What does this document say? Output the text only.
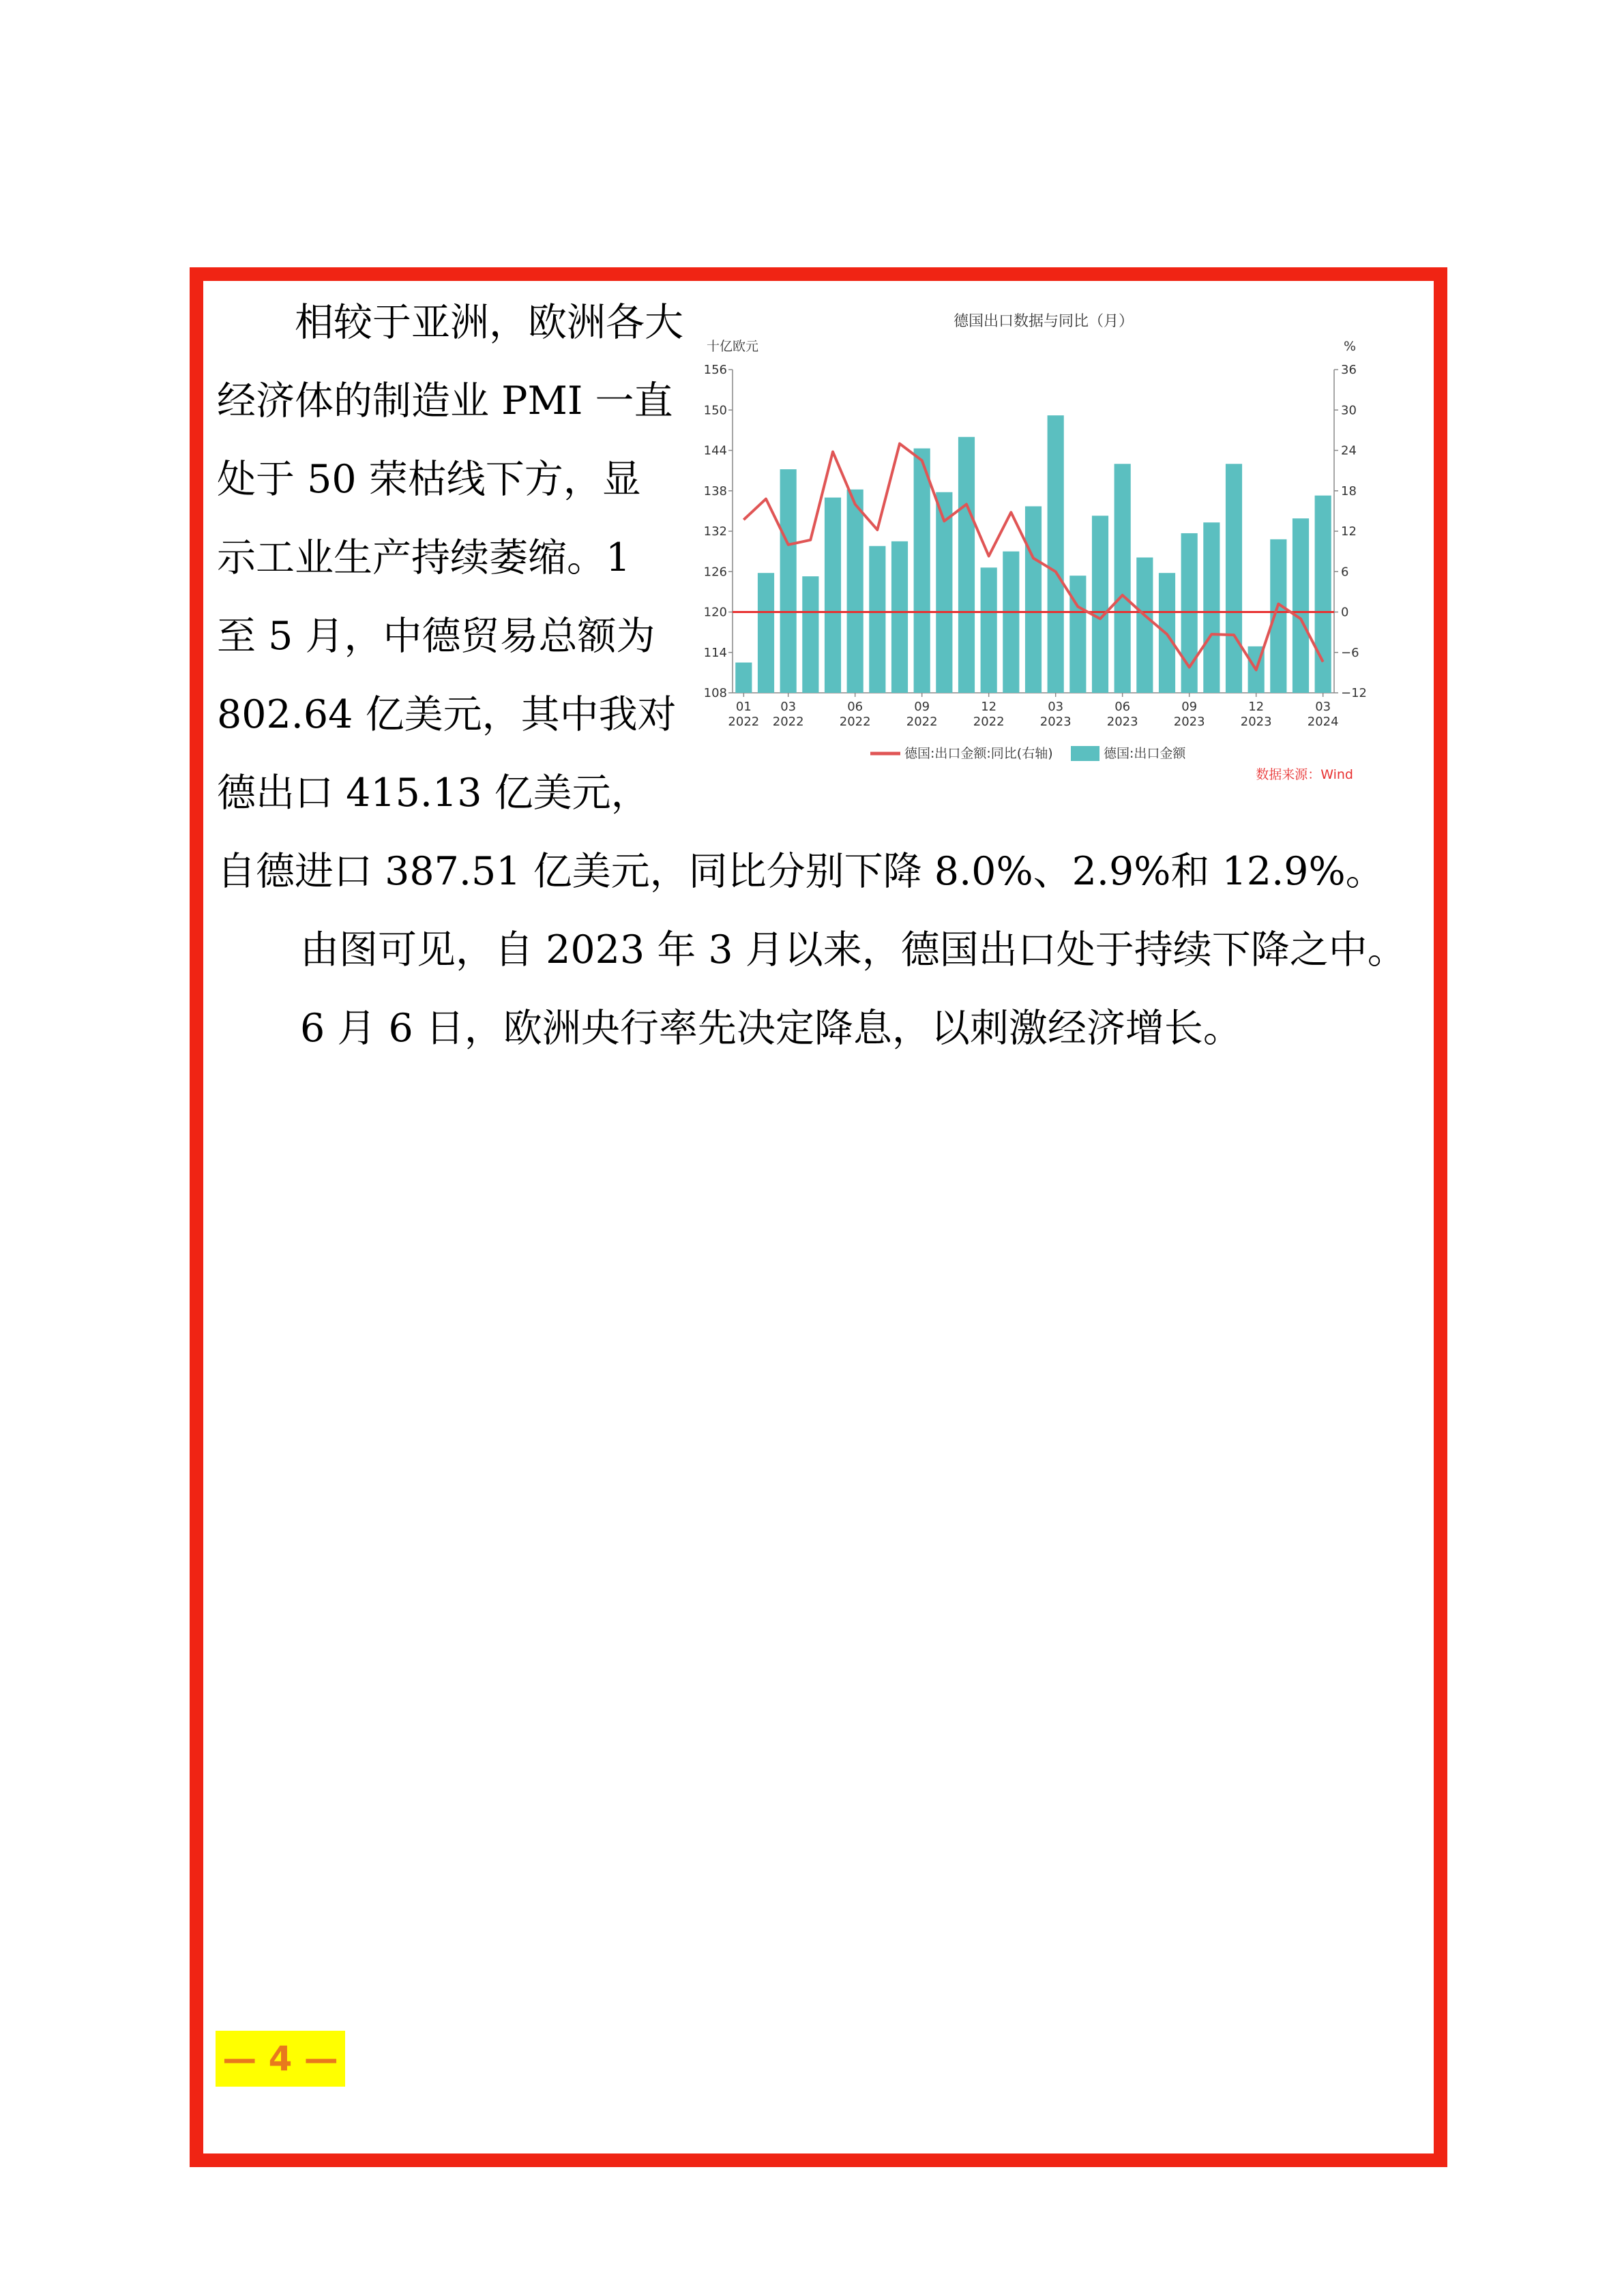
　　相较于亚洲，欧洲各大
经济体的制造业 PMI 一直
处于 50 荣枯线下方，显
示工业生产持续萎缩。1
至 5 月，中德贸易总额为
802.64 亿美元，其中我对
德出口 415.13 亿美元，
自德进口 387.51 亿美元，同比分别下降 8.0%、2.9%和 12.9%。
由图可见，自 2023 年 3 月以来，德国出口处于持续下降之中。
6 月 6 日，欧洲央行率先决定降息，以刺激经济增长。
德国出口数据与同比（月）
十亿欧元	%
108
114
120
126
132
138
144
150
156
−12
−6
0
6
12
18
24
30
36
01
2022
03
2022
06
2022
09
2022
12
2022
03
2023
06
2023
09
2023
12
2023
03
2024
德国:出口金额:同比(右轴)	德国:出口金额
数据来源：Wind
— 4 —
